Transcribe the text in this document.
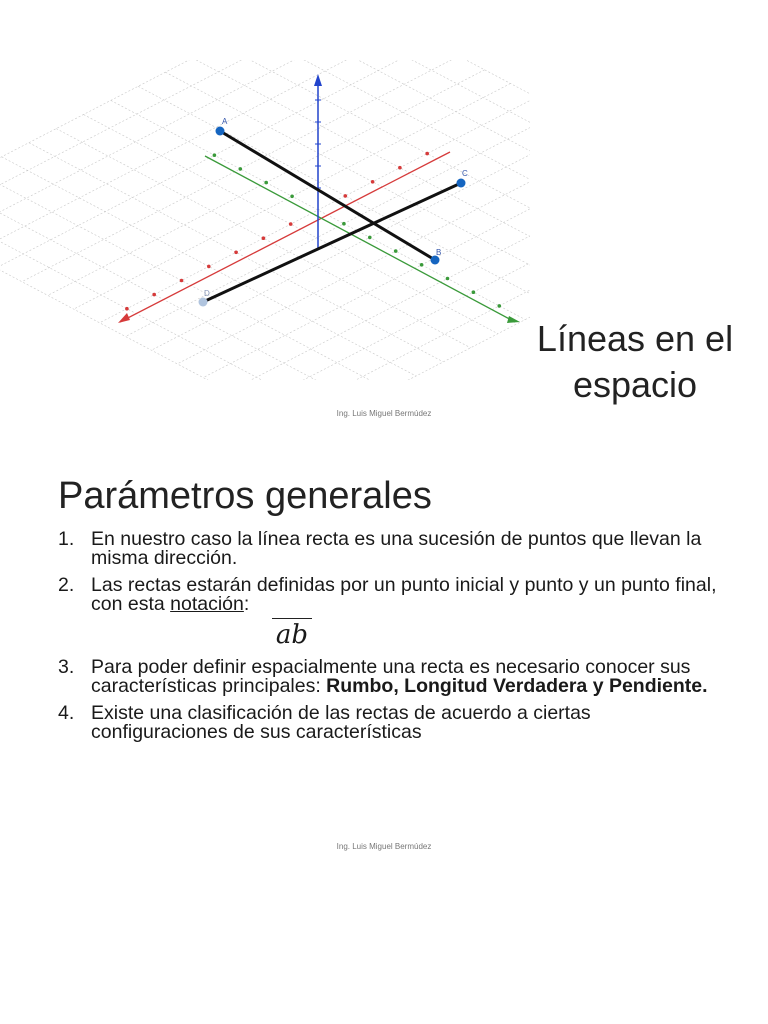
A
B
C
D
Líneas en el
espacio
Ing. Luis Miguel Bermúdez
Parámetros generales
1. En nuestro caso la línea recta es una sucesión de puntos que llevan la misma dirección.
2. Las rectas estarán definidas por un punto inicial y punto y un punto final, con esta notación:
ab
3. Para poder definir espacialmente una recta es necesario conocer sus características principales: Rumbo, Longitud Verdadera y Pendiente.
4. Existe una clasificación de las rectas de acuerdo a ciertas configuraciones de sus características
Ing. Luis Miguel Bermúdez
